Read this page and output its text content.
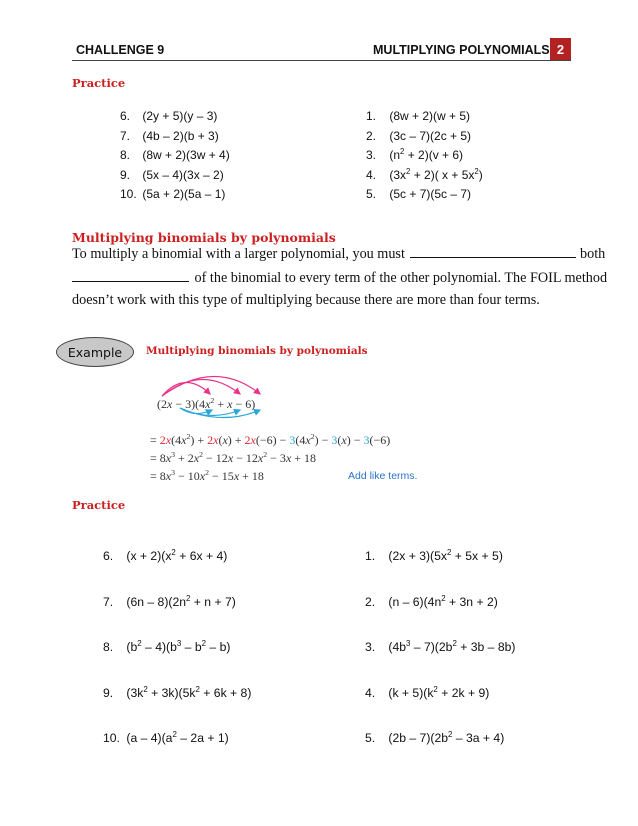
CHALLENGE 9	MULTIPLYING POLYNOMIALS 2
Practice
6. (2y + 5)(y – 3)
7. (4b – 2)(b + 3)
8. (8w + 2)(3w + 4)
9. (5x – 4)(3x – 2)
10. (5a + 2)(5a – 1)
1. (8w + 2)(w + 5)
2. (3c – 7)(2c + 5)
3. $(n^2 + 2)(v + 6)$
4. $(3x^2 + 2)$( $x + 5x^2$)
5. (5c + 7)(5c – 7)
Multiplying binomials by polynomials
To multiply a binomial with a larger polynomial, you must	both
of the binomial to every term of the other polynomial. The FOIL method
doesn’t work with this type of multiplying because there are more than four terms.
Example Multiplying binomials by polynomials
$(2x - 3)(4x^2 + x - 6)$
= $2x(4x^2) + 2x(x) + 2x(-6) - 3(4x^2) - 3(x) - 3(-6)$
= $8x^3 + 2x^2 - 12x - 12x^2 - 3x + 18$
= $8x^3 - 10x^2 - 15x + 18$	Add like terms.
Practice
6. $(x + 2)(x^2 + 6x + 4)$
7. $(6n - 8)(2n^2 + n + 7)$
8. $(b^2 - 4)(b^3 - b^2 - b)$
9. $(3k^2 + 3k)(5k^2 + 6k + 8)$
10. $(a - 4)(a^2 - 2a + 1)$
1. $(2x + 3)(5x^2 + 5x + 5)$
2. $(n - 6)(4n^2 + 3n + 2)$
3. $(4b^3 - 7)(2b^2 + 3b - 8b)$
4. $(k + 5)(k^2 + 2k + 9)$
5. $(2b - 7)(2b^2 - 3a + 4)$
